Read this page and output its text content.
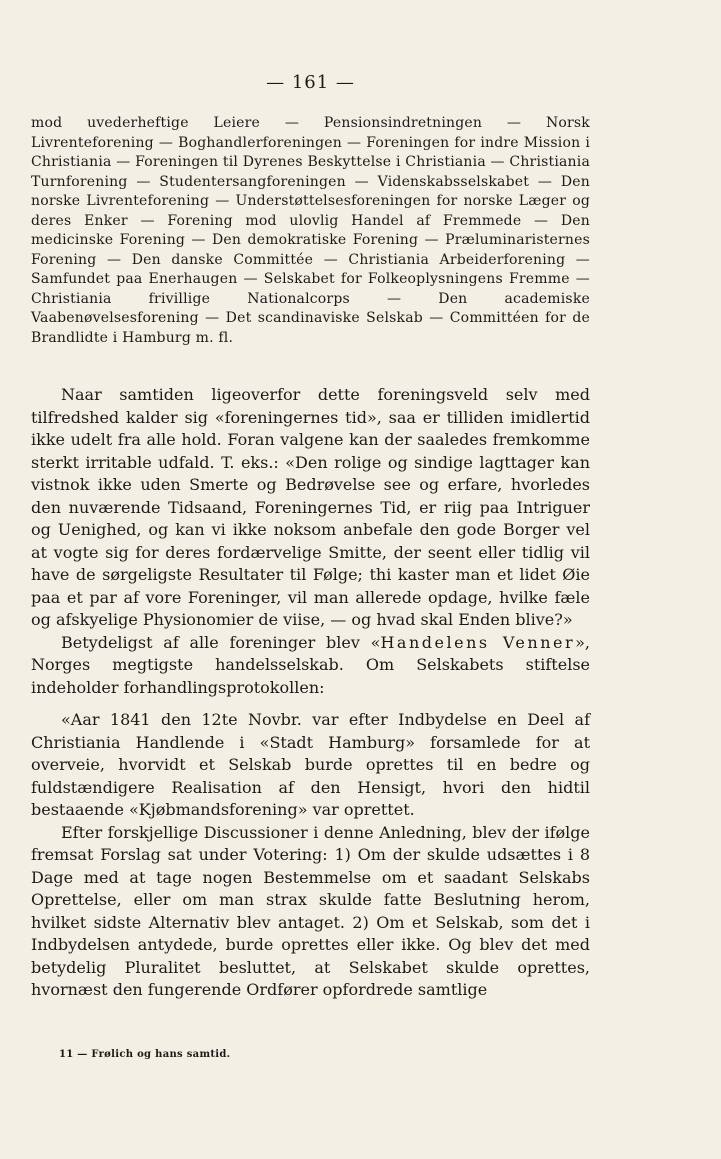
— 161 —
mod uvederheftige Leiere — Pensionsindretningen — Norsk Livrenteforening — Boghandlerforeningen — Foreningen for indre Mission i Christiania — Foreningen til Dyrenes Beskyttelse i Christiania — Christiania Turnforening — Studentersangforeningen — Videnskabsselskabet — Den norske Livrenteforening — Understøttelsesforeningen for norske Læger og deres Enker — Forening mod ulovlig Handel af Fremmede — Den medicinske Forening — Den demokratiske Forening — Præluminaristernes Forening — Den danske Committée — Christiania Arbeiderforening — Samfundet paa Enerhaugen — Selskabet for Folkeoplysningens Fremme — Christiania frivillige Nationalcorps — Den academiske Vaabenøvelsesforening — Det scandinaviske Selskab — Committéen for de Brandlidte i Hamburg m. fl.

Naar samtiden ligeoverfor dette foreningsveld selv med tilfredshed kalder sig «foreningernes tid», saa er tilliden imidlertid ikke udelt fra alle hold. Foran valgene kan der saaledes fremkomme sterkt irritable udfald. T. eks.: «Den rolige og sindige lagttager kan vistnok ikke uden Smerte og Bedrøvelse see og erfare, hvorledes den nuværende Tidsaand, Foreningernes Tid, er riig paa Intriguer og Uenighed, og kan vi ikke noksom anbefale den gode Borger vel at vogte sig for deres fordærvelige Smitte, der seent eller tidlig vil have de sørgeligste Resultater til Følge; thi kaster man et lidet Øie paa et par af vore Foreninger, vil man allerede opdage, hvilke fæle og afskyelige Physionomier de viise, — og hvad skal Enden blive?»

Betydeligst af alle foreninger blev «Handelens Venner», Norges megtigste handelsselskab. Om Selskabets stiftelse indeholder forhandlingsprotokollen:

«Aar 1841 den 12te Novbr. var efter Indbydelse en Deel af Christiania Handlende i «Stadt Hamburg» forsamlede for at overveie, hvorvidt et Selskab burde oprettes til en bedre og fuldstændigere Realisation af den Hensigt, hvori den hidtil bestaaende «Kjøbmandsforening» var oprettet.

Efter forskjellige Discussioner i denne Anledning, blev der ifølge fremsat Forslag sat under Votering: 1) Om der skulde udsættes i 8 Dage med at tage nogen Bestemmelse om et saadant Selskabs Oprettelse, eller om man strax skulde fatte Beslutning herom, hvilket sidste Alternativ blev antaget. 2) Om et Selskab, som det i Indbydelsen antydede, burde oprettes eller ikke. Og blev det med betydelig Pluralitet besluttet, at Selskabet skulde oprettes, hvornæst den fungerende Ordfører opfordrede samtlige

11 — Frølich og hans samtid.
